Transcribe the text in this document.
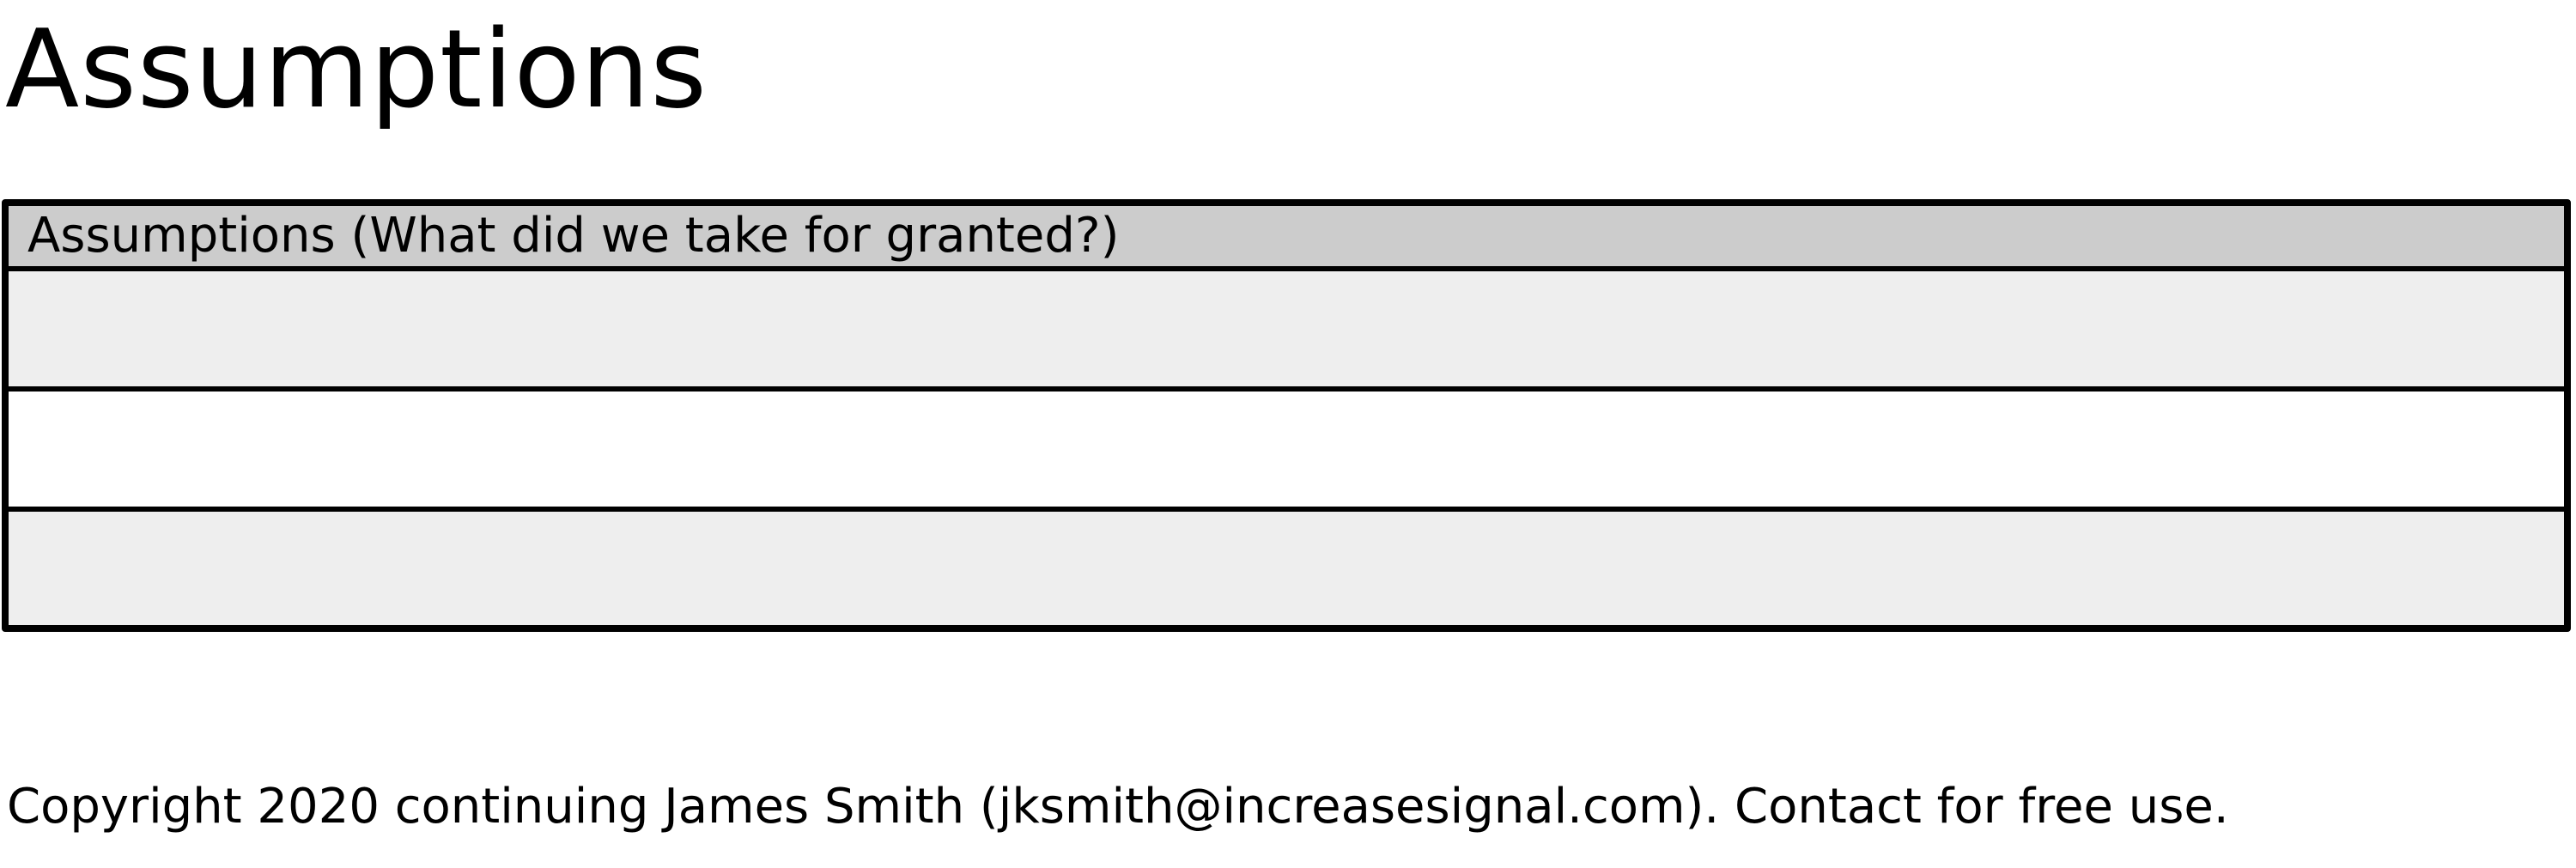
Assumptions
Assumptions (What did we take for granted?)
Copyright 2020 continuing James Smith (jksmith@increasesignal.com). Contact for free use.
